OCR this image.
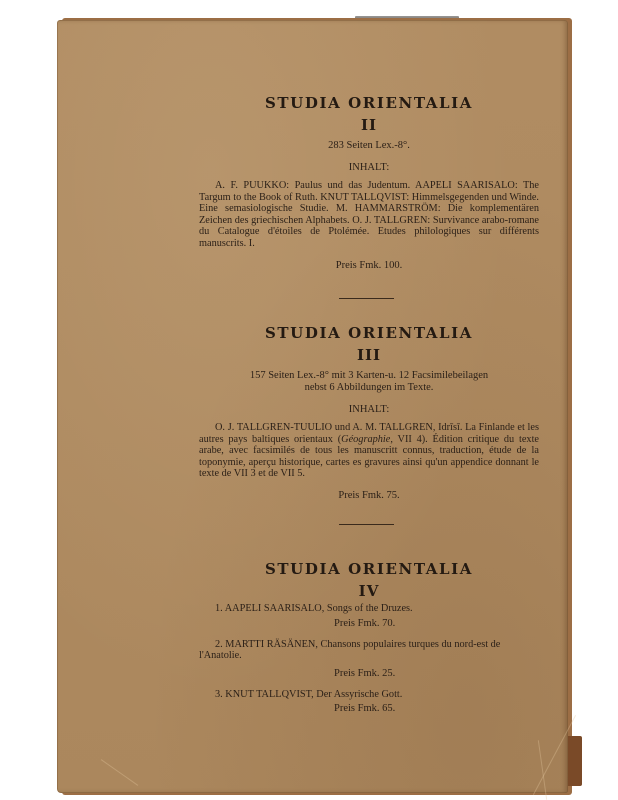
STUDIA ORIENTALIA
II
283 Seiten Lex.-8°.
INHALT:

A. F. PUUKKO: Paulus und das Judentum. AAPELI SAARISALO: The Targum to the Book of Ruth. KNUT TALLQVIST: Himmelsgegenden und Winde. Eine semasiologische Studie. M. HAMMARSTRÖM: Die komplementären Zeichen des griechischen Alphabets. O. J. TALLGREN: Survivance arabo-romane du Catalogue d'étoiles de Ptolémée. Etudes philologiques sur différents manuscrits. I.

Preis Fmk. 100.
STUDIA ORIENTALIA
III
157 Seiten Lex.-8° mit 3 Karten-u. 12 Facsimilebeilagen
nebst 6 Abbildungen im Texte.
INHALT:

O. J. TALLGREN-TUULIO und A. M. TALLGREN, Idrīsī. La Finlande et les autres pays baltiques orientaux (Géographie, VII 4). Édition critique du texte arabe, avec facsimilés de tous les manuscritt connus, traduction, étude de la toponymie, aperçu historique, cartes es gravures ainsi qu'un appendice donnant le texte de VII 3 et de VII 5.

Preis Fmk. 75.
STUDIA ORIENTALIA
IV
1. AAPELI SAARISALO, Songs of the Druzes.
Preis Fmk. 70.
2. MARTTI RÄSÄNEN, Chansons populaires turques du nord-est de l'Anatolie.
Preis Fmk. 25.
3. KNUT TALLQVIST, Der Assyrische Gott.
Preis Fmk. 65.
